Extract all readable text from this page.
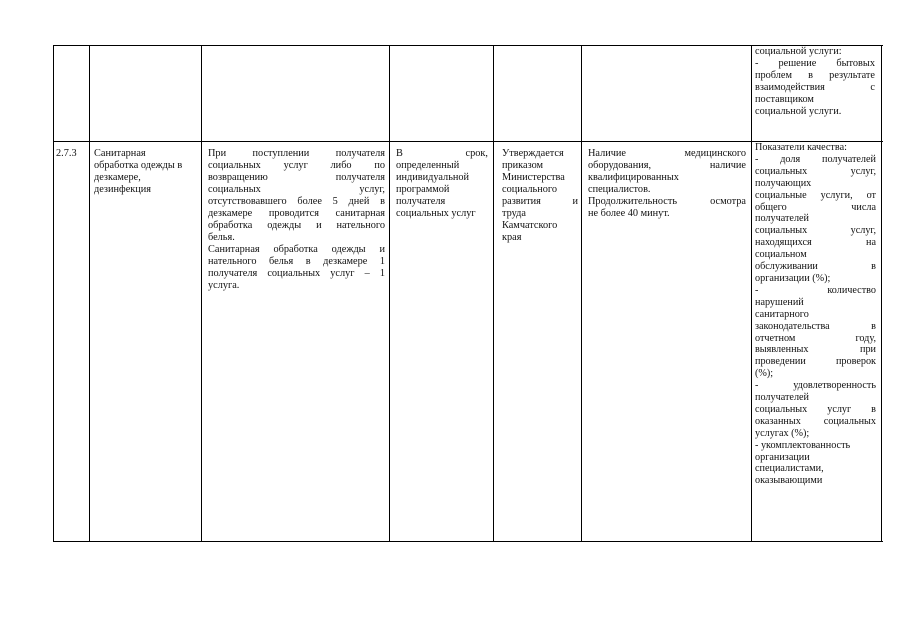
социальной услуги:
- решение бытовых
проблем в результате
взаимодействия с
поставщиком
социальной услуги.
2.7.3	Санитарная
обработка одежды в
дезкамере,
дезинфекция
При поступлении получателя
социальных услуг либо по
возвращению получателя
социальных услуг,
отсутствовавшего более 5 дней в
дезкамере проводится санитарная
обработка одежды и нательного
белья.
Санитарная обработка одежды и
нательного белья в дезкамере 1
получателя социальных услуг – 1
услуга.
В срок,
определенный
индивидуальной
программой
получателя
социальных услуг
Утверждается
приказом
Министерства
социального
развития и
труда
Камчатского
края
Наличие медицинского
оборудования, наличие
квалифицированных
специалистов.
Продолжительность осмотра
не более 40 минут.
Показатели качества:
- доля получателей
социальных услуг,
получающих
социальные услуги, от
общего числа
получателей
социальных услуг,
находящихся на
социальном
обслуживании в
организации (%);
- количество
нарушений
санитарного
законодательства в
отчетном году,
выявленных при
проведении проверок
(%);
- удовлетворенность
получателей
социальных услуг в
оказанных социальных
услугах (%);
- укомплектованность
организации
специалистами,
оказывающими
